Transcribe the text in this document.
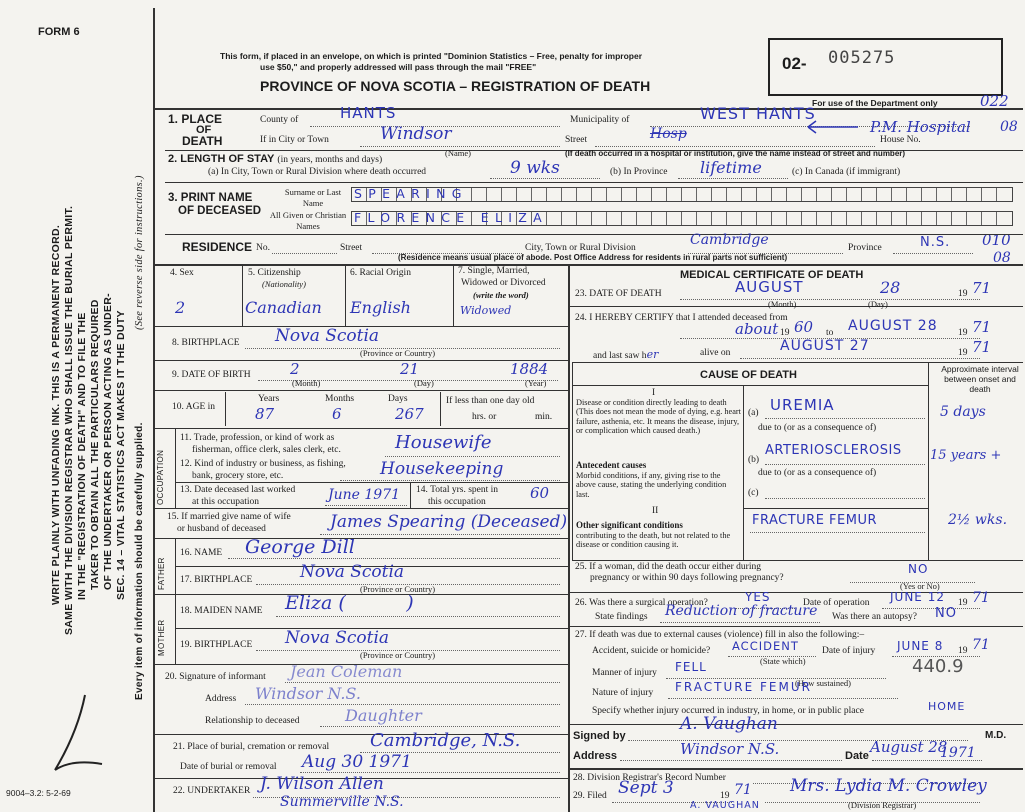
FORM 6
This form, if placed in an envelope, on which is printed "Dominion Statistics – Free, penalty for improper
use $50," and properly addressed will pass through the mail "FREE"
PROVINCE OF NOVA SCOTIA – REGISTRATION OF DEATH
02- 005275
For use of the Department only	022
08
010
08
SEC. 14 – VITAL STATISTICS ACT MAKES IT THE DUTY
OF THE UNDERTAKER OR PERSON ACTING AS UNDER-
TAKER TO OBTAIN ALL THE PARTICULARS REQUIRED
IN THE "REGISTRATION OF DEATH" AND TO FILE THE
SAME WITH THE DIVISION REGISTRAR WHO SHALL ISSUE THE BURIAL PERMIT.
WRITE PLAINLY WITH UNFADING INK. THIS IS A PERMANENT RECORD.	(See reverse side for instructions.)
Every item of information should be carefully supplied.
9004–3.2: 5-2-69
1. PLACE
OF
DEATH
County of	HANTS	Municipality of	WEST HANTS
If in City or Town	Windsor
(Name)
Street	Hosp	P.M. Hospital
House No.
(If death occurred in a hospital or institution, give the name instead of street and number)
2. LENGTH OF STAY (in years, months and days)
(a) In City, Town or Rural Division where death occurred	9 wks	(b) In Province lifetime	(c) In Canada (if immigrant)
3. PRINT NAME
OF DECEASED
Surname or Last Name
All Given or Christian Names
SPEARING
FLORENCE ELIZA
RESIDENCE No.	Street	City, Town or Rural Division	Cambridge	Province	N.S.
(Residence means usual place of abode. Post Office Address for residents in rural parts not sufficient)
4. Sex
2
5. Citizenship
(Nationality)
Canadian
6. Racial Origin
English
7. Single, Married,
Widowed or Divorced
(write the word)
Widowed
8. BIRTHPLACE Nova Scotia
(Province or Country)
9. DATE OF BIRTH	2	21	1884
(Month)	(Day)	(Year)
10. AGE in
Years	Months	Days
87	6	267
If less than one day old
hrs. or	min.
OCCUPATION
11. Trade, profession, or kind of work as
fisherman, office clerk, sales clerk, etc.	Housewife
12. Kind of industry or business, as fishing,
bank, grocery store, etc.	Housekeeping
13. Date deceased last worked
at this occupation	June 1971 14. Total yrs. spent in
this occupation	60
15. If married give name of wife
or husband of deceased	James Spearing (Deceased)
FATHER
16. NAME George Dill
17. BIRTHPLACE	Nova Scotia
(Province or Country)
MOTHER
18. MAIDEN NAME Eliza (          )
19. BIRTHPLACE Nova Scotia
(Province or Country)
20. Signature of informant Jean Coleman
Address Windsor N.S.
Relationship to deceased	Daughter
21. Place of burial, cremation or removal Cambridge, N.S.
Date of burial or removal Aug 30 1971
22. UNDERTAKER J. Wilson Allen
Summerville N.S.
MEDICAL CERTIFICATE OF DEATH
23. DATE OF DEATH	AUGUST	28	19 71
(Month)	(Day)
24. I HEREBY CERTIFY that I attended deceased from
about 19 60 to AUGUST 28 19 71
and last saw her	alive on	AUGUST 27	19 71
CAUSE OF DEATH	Approximate interval between onset and death
I
Disease or condition directly leading to death (This does not mean the mode of dying, e.g. heart failure, asthenia, etc. It means the disease, injury, or complication which caused death.)
Antecedent causes
Morbid conditions, if any, giving rise to the above cause, stating the underlying condition last.
(a) UREMIA	5 days
due to (or as a consequence of)
(b)
ARTERIOSCLEROSIS 15 years +
due to (or as a consequence of)
(c)
II
Other significant conditions
contributing to the death, but not related to the disease or condition causing it.
FRACTURE FEMUR	2½ wks.
25. If a woman, did the death occur either during
pregnancy or within 90 days following pregnancy?
NO
(Yes or No)
26. Was there a surgical operation?	YES	Date of operation JUNE 12 19 71
State findings Reduction of fracture Was there an autopsy? NO
27. If death was due to external causes (violence) fill in also the following:–
Accident, suicide or homicide? ACCIDENT
(State which)
Date of injury JUNE 8 19 71
Manner of injury FELL	440.9
(How sustained)
Nature of injury FRACTURE FEMUR
Specify whether injury occurred in industry, in home, or in public place	HOME
Signed by
A. Vaughan
M.D.
Address	Windsor N.S.	Date August 28
1971
28. Division Registrar's Record Number
29. Filed Sept 3	19 71
A. VAUGHAN
Mrs. Lydia M. Crowley
(Division Registrar)
